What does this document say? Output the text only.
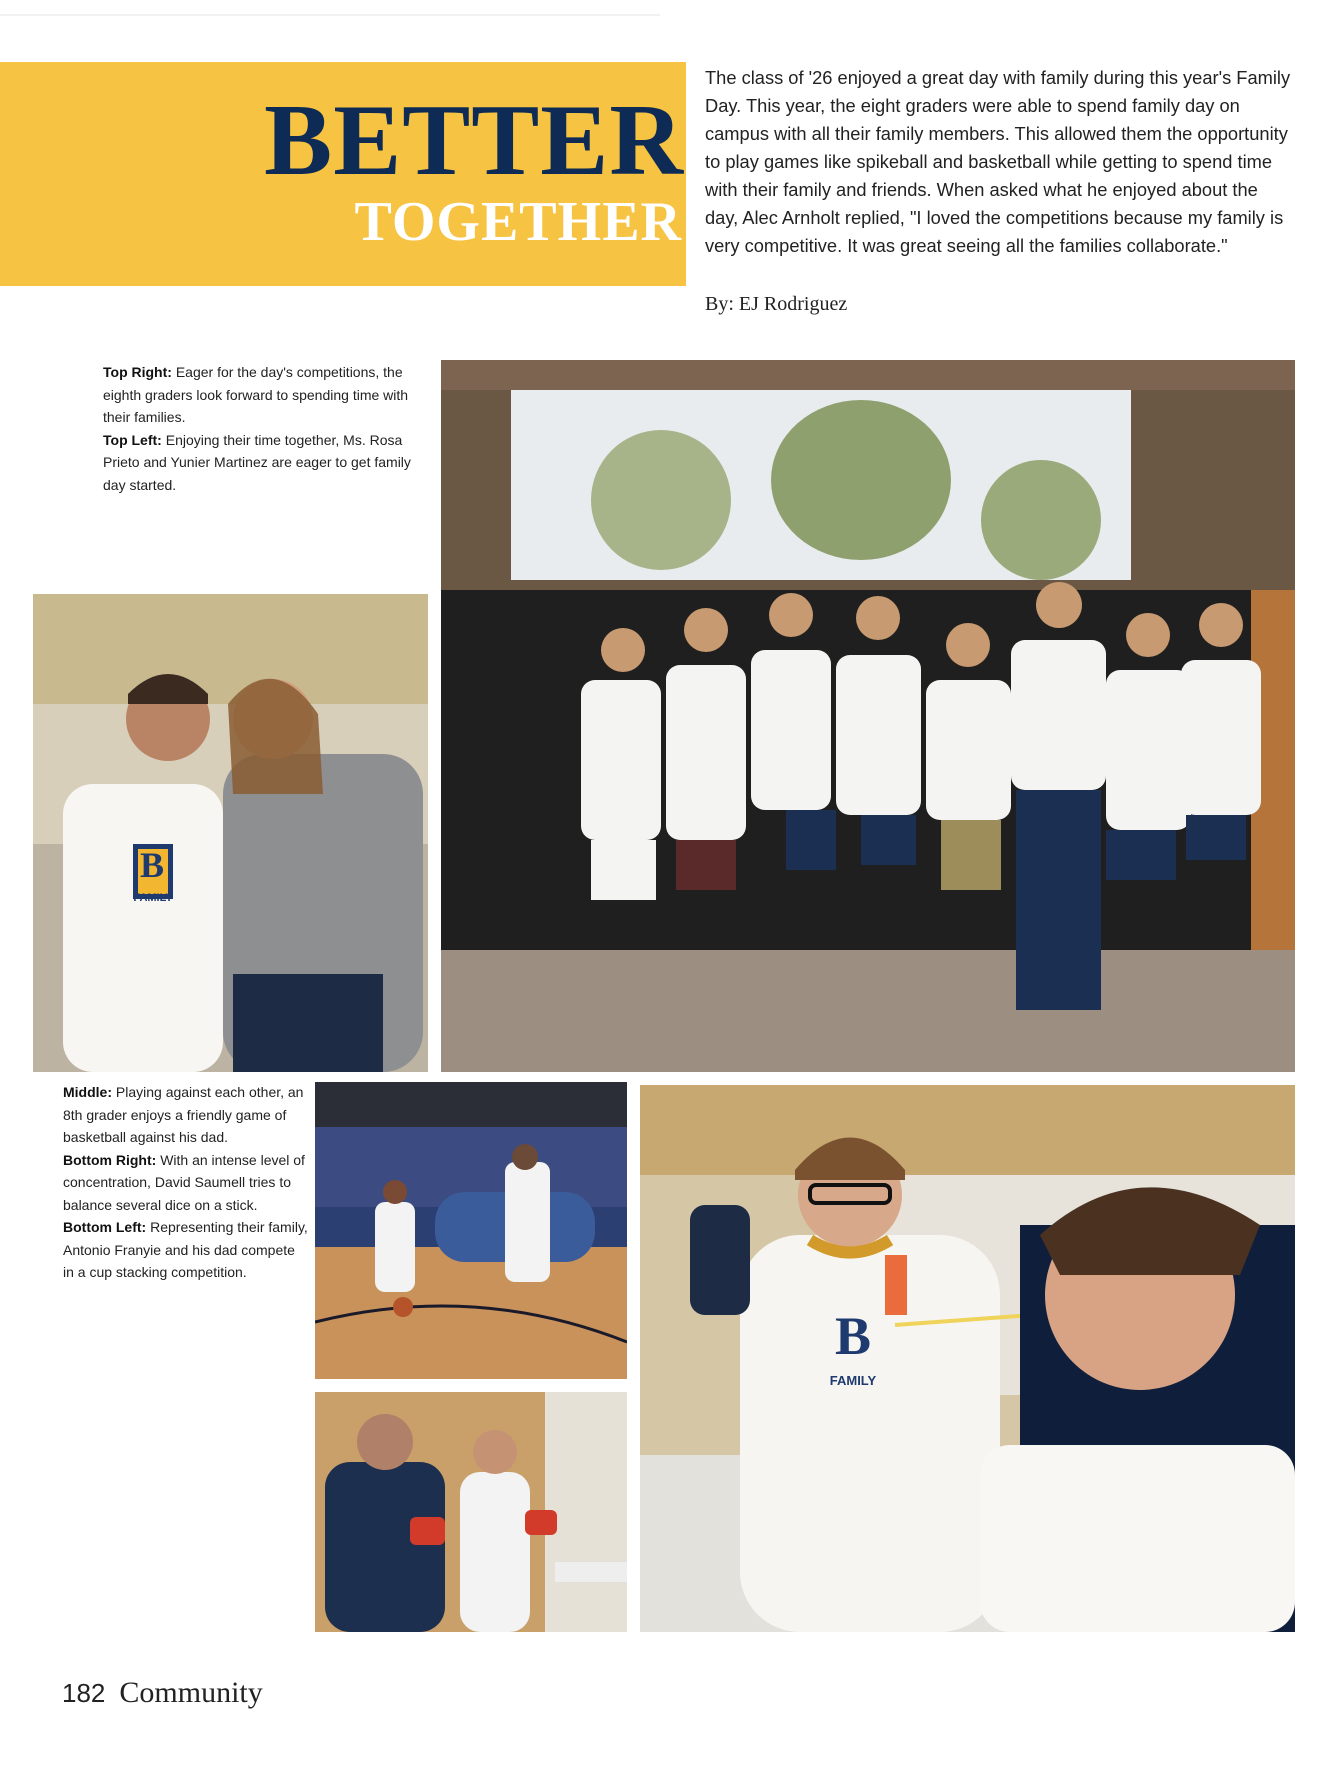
BETTER
TOGETHER

The class of '26 enjoyed a great day with family during this year's Family Day. This year, the eight graders were able to spend family day on campus with all their family members. This allowed them the opportunity to play games like spikeball and basketball while getting to spend time with their family and friends. When asked what he enjoyed about the day, Alec Arnholt replied, "I loved the competitions because my family is very competitive. It was great seeing all the families collaborate."

By: EJ Rodriguez
Top Right: Eager for the day's competitions, the eighth graders look forward to spending time with their families.
Top Left: Enjoying their time together, Ms. Rosa Prieto and Yunier Martinez are eager to get family day started.
Middle: Playing against each other, an 8th grader enjoys a friendly game of basketball against his dad.
Bottom Right: With an intense level of concentration, David Saumell tries to balance several dice on a stick.
Bottom Left: Representing their family, Antonio Franyie and his dad compete in a cup stacking competition.
B
FAMILY
B
FAMILY
182 Community
